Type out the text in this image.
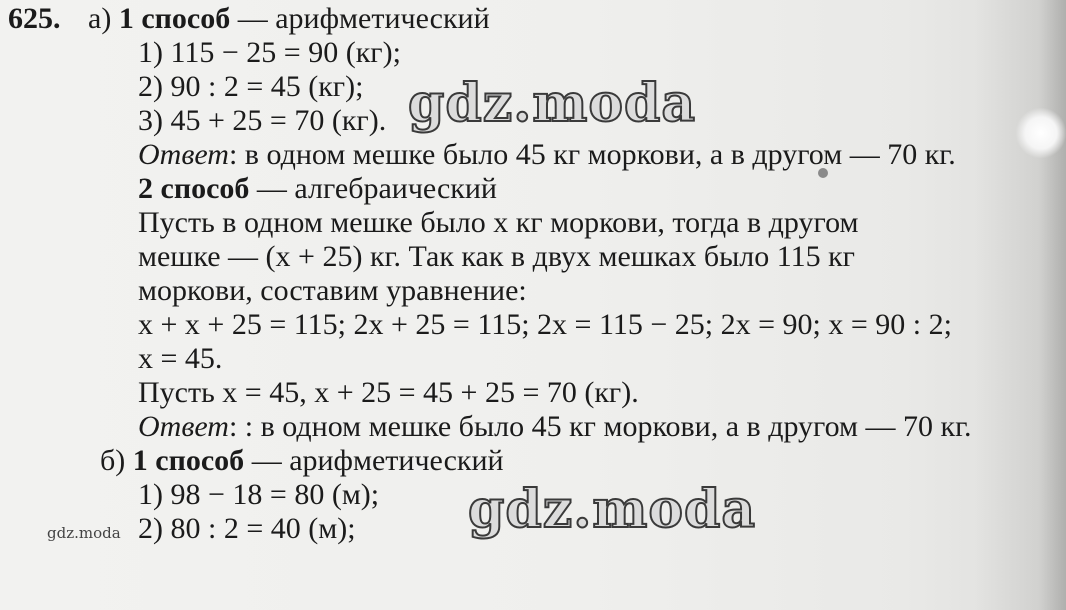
625. а) 1 способ — арифметический
1) 115 − 25 = 90 (кг);
2) 90 : 2 = 45 (кг);
3) 45 + 25 = 70 (кг).
Ответ: в одном мешке было 45 кг моркови, а в другом — 70 кг.
2 способ — алгебраический
Пусть в одном мешке было x кг моркови, тогда в другом
мешке — (x + 25) кг. Так как в двух мешках было 115 кг
моркови, составим уравнение:
x + x + 25 = 115; 2x + 25 = 115; 2x = 115 − 25; 2x = 90; x = 90 : 2;
x = 45.
Пусть x = 45, x + 25 = 45 + 25 = 70 (кг).
Ответ: : в одном мешке было 45 кг моркови, а в другом — 70 кг.
б) 1 способ — арифметический
1) 98 − 18 = 80 (м);
2) 80 : 2 = 40 (м);
gdz.moda
gdz.moda
gdz.moda
